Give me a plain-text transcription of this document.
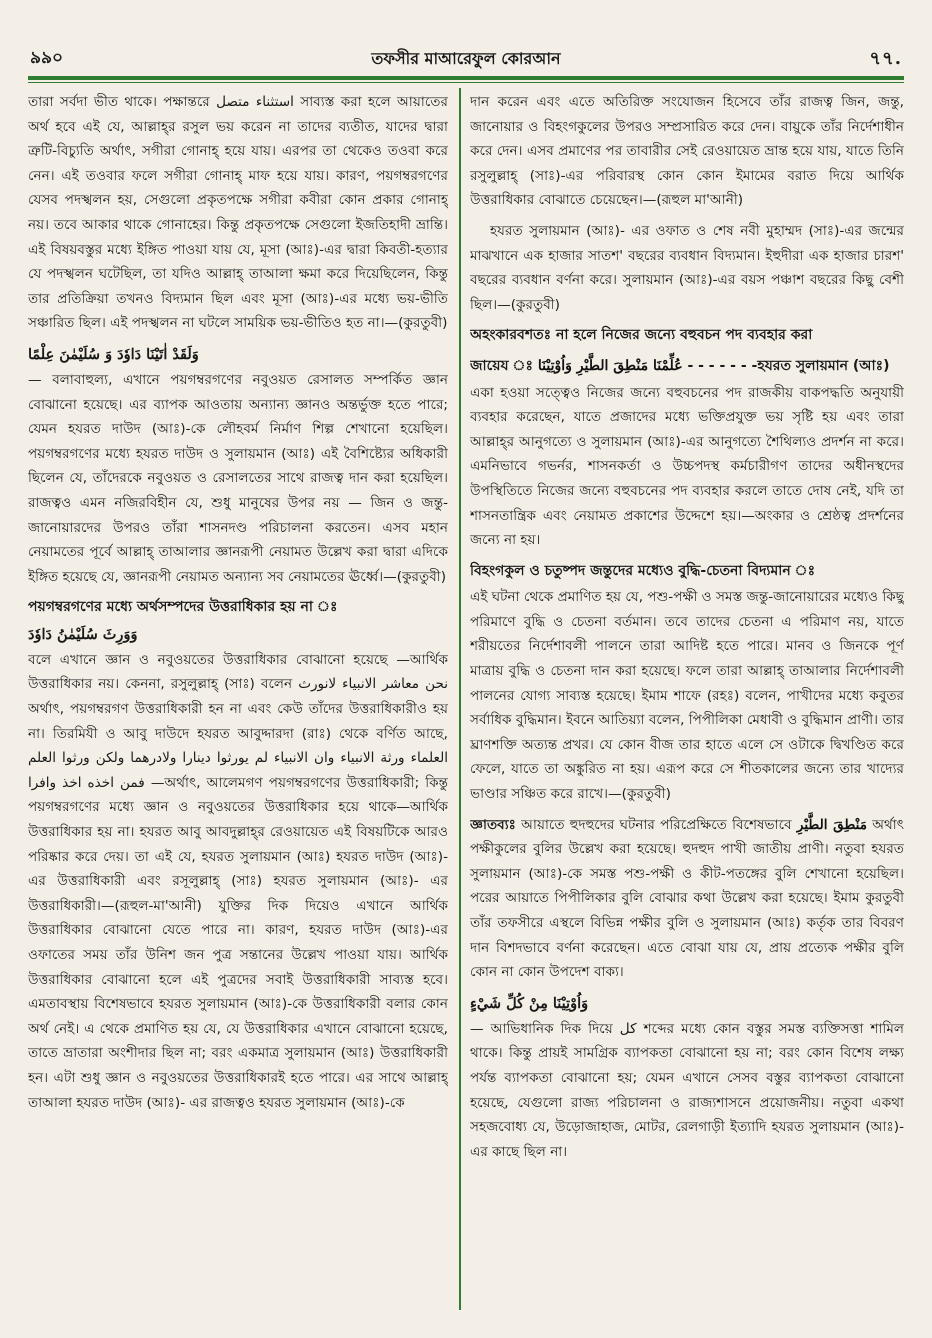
৯৯০	তফসীর মাআরেফুল কোরআন	৭৭.

তারা সর্বদা ভীত থাকে। পক্ষান্তরে استثناء متصل সাব্যস্ত করা হলে আয়াতের অর্থ হবে এই যে, আল্লাহ্‌র রসুল ভয় করেন না তাদের ব্যতীত, যাদের দ্বারা ত্রুটি-বিচ্যুতি অর্থাৎ, সগীরা গোনাহ্‌ হয়ে যায়। এরপর তা থেকেও তওবা করে নেন। এই তওবার ফলে সগীরা গোনাহ্‌ মাফ হয়ে যায়। কারণ, পয়গম্বরগণের যেসব পদস্খলন হয়, সেগুলো প্রকৃতপক্ষে সগীরা কবীরা কোন প্রকার গোনাহ্‌ নয়। তবে আকার থাকে গোনাহের। কিন্তু প্রকৃতপক্ষে সেগুলো ইজতিহাদী ভ্রান্তি। এই বিষয়বস্তুর মধ্যে ইঙ্গিত পাওয়া যায় যে, মূসা (আঃ)-এর দ্বারা কিবতী-হত্যার যে পদস্খলন ঘটেছিল, তা যদিও আল্লাহ্‌ তাআলা ক্ষমা করে দিয়েছিলেন, কিন্তু তার প্রতিক্রিয়া তখনও বিদ্যমান ছিল এবং মূসা (আঃ)-এর মধ্যে ভয়-ভীতি সঞ্চারিত ছিল। এই পদস্খলন না ঘটলে সাময়িক ভয়-ভীতিও হত না।—(কুরতুবী)

وَلَقَدْ اٰتَيْنَا دَاوٗدَ وَ سُلَيْمٰنَ عِلْمًا

— বলাবাহুল্য, এখানে পয়গম্বরগণের নবুওয়ত রেসালত সম্পর্কিত জ্ঞান বোঝানো হয়েছে। এর ব্যাপক আওতায় অন্যান্য জ্ঞানও অন্তর্ভুক্ত হতে পারে; যেমন হযরত দাউদ (আঃ)-কে লৌহবর্ম নির্মাণ শিল্প শেখানো হয়েছিল। পয়গম্বরগণের মধ্যে হযরত দাউদ ও সুলায়মান (আঃ) এই বৈশিষ্ট্যের অধিকারী ছিলেন যে, তাঁদেরকে নবুওয়ত ও রেসালতের সাথে রাজত্ব দান করা হয়েছিল। রাজত্বও এমন নজিরবিহীন যে, শুধু মানুষের উপর নয় — জিন ও জন্তু-জানোয়ারদের উপরও তাঁরা শাসনদণ্ড পরিচালনা করতেন। এসব মহান নেয়ামতের পূর্বে আল্লাহ্‌ তাআলার জ্ঞানরূপী নেয়ামত উল্লেখ করা দ্বারা এদিকে ইঙ্গিত হয়েছে যে, জ্ঞানরূপী নেয়ামত অন্যান্য সব নেয়ামতের ঊর্ধ্বে।—(কুরতুবী)

পয়গম্বরগণের মধ্যে অর্থসম্পদের উত্তরাধিকার হয় না ঃ
وَوَرِثَ سُلَيْمٰنُ دَاوٗدَ

বলে এখানে জ্ঞান ও নবুওয়তের উত্তরাধিকার বোঝানো হয়েছে —আর্থিক উত্তরাধিকার নয়। কেননা, রসুলুল্লাহ্‌ (সাঃ) বলেন نحن معاشر الانبياء لانورث অর্থাৎ, পয়গম্বরগণ উত্তরাধিকারী হন না এবং কেউ তাঁদের উত্তরাধিকারীও হয় না। তিরমিযী ও আবু দাউদে হযরত আবুদ্দারদা (রাঃ) থেকে বর্ণিত আছে, العلماء ورثة الانبياء وان الانبياء لم يورثوا دينارا ولادرهما ولكن ورثوا العلم فمن اخذه اخذ وافرا —অর্থাৎ, আলেমগণ পয়গম্বরগণের উত্তরাধিকারী; কিন্তু পয়গম্বরগণের মধ্যে জ্ঞান ও নবুওয়তের উত্তরাধিকার হয়ে থাকে—আর্থিক উত্তরাধিকার হয় না। হযরত আবু আবদুল্লাহ্‌র রেওয়ায়েত এই বিষয়টিকে আরও পরিষ্কার করে দেয়। তা এই যে, হযরত সুলায়মান (আঃ) হযরত দাউদ (আঃ)-এর উত্তরাধিকারী এবং রসূলুল্লাহ্‌ (সাঃ) হযরত সুলায়মান (আঃ)- এর উত্তরাধিকারী।—(রূহুল-মা'আনী) যুক্তির দিক দিয়েও এখানে আর্থিক উত্তরাধিকার বোঝানো যেতে পারে না। কারণ, হযরত দাউদ (আঃ)-এর ওফাতের সময় তাঁর উনিশ জন পুত্র সন্তানের উল্লেখ পাওয়া যায়। আর্থিক উত্তরাধিকার বোঝানো হলে এই পুত্রদের সবাই উত্তরাধিকারী সাব্যস্ত হবে। এমতাবস্থায় বিশেষভাবে হযরত সুলায়মান (আঃ)-কে উত্তরাধিকারী বলার কোন অর্থ নেই। এ থেকে প্রমাণিত হয় যে, যে উত্তরাধিকার এখানে বোঝানো হয়েছে, তাতে ভ্রাতারা অংশীদার ছিল না; বরং একমাত্র সুলায়মান (আঃ) উত্তরাধিকারী হন। এটা শুধু জ্ঞান ও নবুওয়তের উত্তরাধিকারই হতে পারে। এর সাথে আল্লাহ্‌ তাআলা হযরত দাউদ (আঃ)- এর রাজত্বও হযরত সুলায়মান (আঃ)-কে

দান করেন এবং এতে অতিরিক্ত সংযোজন হিসেবে তাঁর রাজত্ব জিন, জন্তু, জানোয়ার ও বিহংগকুলের উপরও সম্প্রসারিত করে দেন। বায়ুকে তাঁর নির্দেশাধীন করে দেন। এসব প্রমাণের পর তাবারীর সেই রেওয়ায়েত ভ্রান্ত হয়ে যায়, যাতে তিনি রসুলুল্লাহ্‌ (সাঃ)-এর পরিবারস্থ কোন কোন ইমামের বরাত দিয়ে আর্থিক উত্তরাধিকার বোঝাতে চেয়েছেন।—(রূহুল মা'আনী)

হযরত সুলায়মান (আঃ)- এর ওফাত ও শেষ নবী মুহাম্মদ (সাঃ)-এর জন্মের মাঝখানে এক হাজার সাতশ' বছরের ব্যবধান বিদ্যমান। ইহুদীরা এক হাজার চারশ' বছরের ব্যবধান বর্ণনা করে। সুলায়মান (আঃ)-এর বয়স পঞ্চাশ বছরের কিছু বেশী ছিল।—(কুরতুবী)

অহংকারবশতঃ না হলে নিজের জন্যে বহুবচন পদ ব্যবহার করা
জায়েয ঃ عُلِّمْنَا مَنْطِقَ الطَّيْرِ وَاُوْتِيْنَا - - - - - - -হযরত সুলায়মান (আঃ)

একা হওয়া সত্ত্বেও নিজের জন্যে বহুবচনের পদ রাজকীয় বাকপদ্ধতি অনুযায়ী ব্যবহার করেছেন, যাতে প্রজাদের মধ্যে ভক্তিপ্রযুক্ত ভয় সৃষ্টি হয় এবং তারা আল্লাহ্‌র আনুগত্যে ও সুলায়মান (আঃ)-এর আনুগত্যে শৈথিল্যও প্রদর্শন না করে। এমনিভাবে গভর্নর, শাসনকর্তা ও উচ্চপদস্থ কর্মচারীগণ তাদের অধীনস্থদের উপস্থিতিতে নিজের জন্যে বহুবচনের পদ ব্যবহার করলে তাতে দোষ নেই, যদি তা শাসনতান্ত্রিক এবং নেয়ামত প্রকাশের উদ্দেশে হয়।—অংকার ও শ্রেষ্ঠত্ব প্রদর্শনের জন্যে না হয়।

বিহংগকুল ও চতুষ্পদ জন্তুদের মধ্যেও বুদ্ধি-চেতনা বিদ্যমান ঃ

এই ঘটনা থেকে প্রমাণিত হয় যে, পশু-পক্ষী ও সমস্ত জন্তু-জানোয়ারের মধ্যেও কিছু পরিমাণে বুদ্ধি ও চেতনা বর্তমান। তবে তাদের চেতনা এ পরিমাণ নয়, যাতে শরীয়তের নির্দেশাবলী পালনে তারা আদিষ্ট হতে পারে। মানব ও জিনকে পূর্ণ মাত্রায় বুদ্ধি ও চেতনা দান করা হয়েছে। ফলে তারা আল্লাহ্‌ তাআলার নির্দেশাবলী পালনের যোগ্য সাব্যস্ত হয়েছে। ইমাম শাফে (রহঃ) বলেন, পাখীদের মধ্যে কবুতর সর্বাধিক বুদ্ধিমান। ইবনে আতিয়্যা বলেন, পিপীলিকা মেধাবী ও বুদ্ধিমান প্রাণী। তার ঘ্রাণশক্তি অত্যন্ত প্রখর। যে কোন বীজ তার হাতে এলে সে ওটাকে দ্বিখণ্ডিত করে ফেলে, যাতে তা অঙ্কুরিত না হয়। এরূপ করে সে শীতকালের জন্যে তার খাদ্যের ভাণ্ডার সঞ্চিত করে রাখে।—(কুরতুবী)

জ্ঞাতব্যঃ আয়াতে হুদহুদের ঘটনার পরিপ্রেক্ষিতে বিশেষভাবে مَنْطِقَ الطَّيْرِ অর্থাৎ পক্ষীকুলের বুলির উল্লেখ করা হয়েছে। হুদহুদ পাখী জাতীয় প্রাণী। নতুবা হযরত সুলায়মান (আঃ)-কে সমস্ত পশু-পক্ষী ও কীট-পতঙ্গের বুলি শেখানো হয়েছিল। পরের আয়াতে পিপীলিকার বুলি বোঝার কথা উল্লেখ করা হয়েছে। ইমাম কুরতুবী তাঁর তফসীরে এস্থলে বিভিন্ন পক্ষীর বুলি ও সুলায়মান (আঃ) কর্তৃক তার বিবরণ দান বিশদভাবে বর্ণনা করেছেন। এতে বোঝা যায় যে, প্রায় প্রত্যেক পক্ষীর বুলি কোন না কোন উপদেশ বাক্য।

وَاُوْتِيْنَا مِنْ كُلِّ شَيْءٍ

— আভিধানিক দিক দিয়ে كل শব্দের মধ্যে কোন বস্তুর সমস্ত ব্যক্তিসত্তা শামিল থাকে। কিন্তু প্রায়ই সামগ্রিক ব্যাপকতা বোঝানো হয় না; বরং কোন বিশেষ লক্ষ্য পর্যন্ত ব্যাপকতা বোঝানো হয়; যেমন এখানে সেসব বস্তুর ব্যাপকতা বোঝানো হয়েছে, যেগুলো রাজ্য পরিচালনা ও রাজ্যশাসনে প্রয়োজনীয়। নতুবা একথা সহজবোধ্য যে, উড়োজাহাজ, মোটর, রেলগাড়ী ইত্যাদি হযরত সুলায়মান (আঃ)-এর কাছে ছিল না।
